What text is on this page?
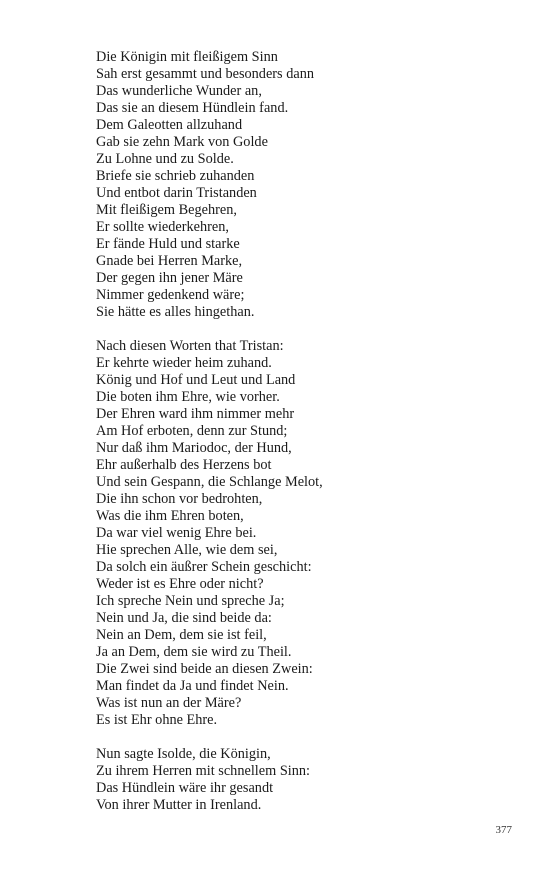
Die Königin mit fleißigem Sinn
Sah erst gesammt und besonders dann
Das wunderliche Wunder an,
Das sie an diesem Hündlein fand.
Dem Galeotten allzuhand
Gab sie zehn Mark von Golde
Zu Lohne und zu Solde.
Briefe sie schrieb zuhanden
Und entbot darin Tristanden
Mit fleißigem Begehren,
Er sollte wiederkehren,
Er fände Huld und starke
Gnade bei Herren Marke,
Der gegen ihn jener Märe
Nimmer gedenkend wäre;
Sie hätte es alles hingethan.
Nach diesen Worten that Tristan:
Er kehrte wieder heim zuhand.
König und Hof und Leut und Land
Die boten ihm Ehre, wie vorher.
Der Ehren ward ihm nimmer mehr
Am Hof erboten, denn zur Stund;
Nur daß ihm Mariodoc, der Hund,
Ehr außerhalb des Herzens bot
Und sein Gespann, die Schlange Melot,
Die ihn schon vor bedrohten,
Was die ihm Ehren boten,
Da war viel wenig Ehre bei.
Hie sprechen Alle, wie dem sei,
Da solch ein äußrer Schein geschicht:
Weder ist es Ehre oder nicht?
Ich spreche Nein und spreche Ja;
Nein und Ja, die sind beide da:
Nein an Dem, dem sie ist feil,
Ja an Dem, dem sie wird zu Theil.
Die Zwei sind beide an diesen Zwein:
Man findet da Ja und findet Nein.
Was ist nun an der Märe?
Es ist Ehr ohne Ehre.
Nun sagte Isolde, die Königin,
Zu ihrem Herren mit schnellem Sinn:
Das Hündlein wäre ihr gesandt
Von ihrer Mutter in Irenland.
377
